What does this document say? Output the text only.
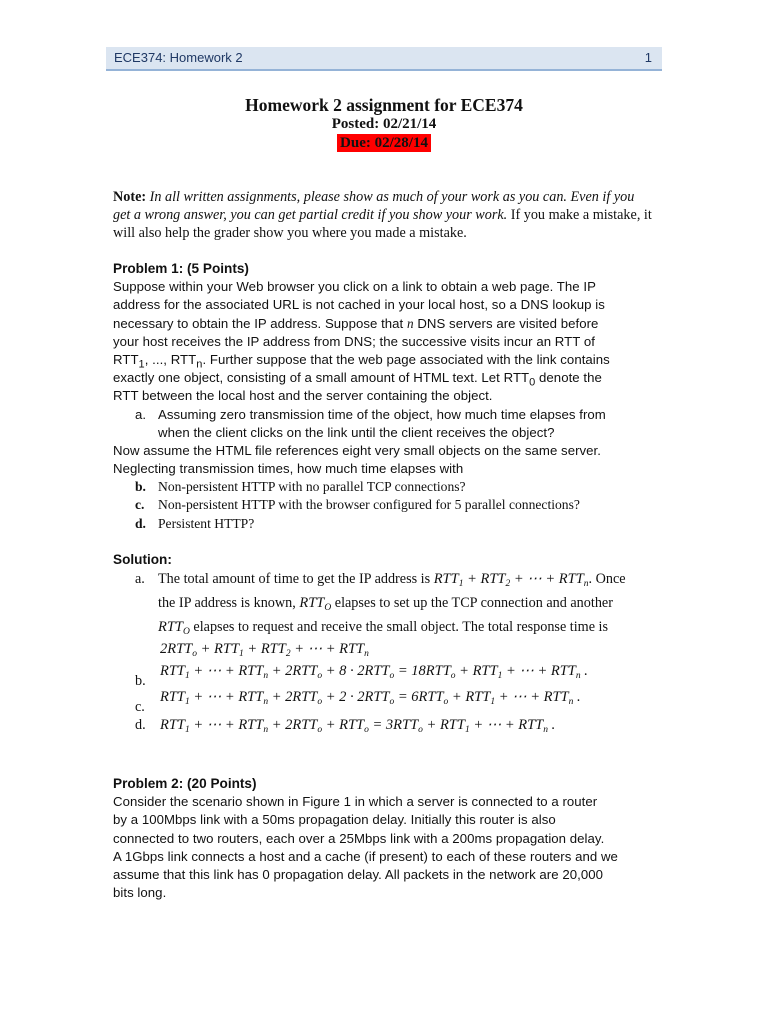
ECE374: Homework 2	1
Homework 2 assignment for ECE374
Posted: 02/21/14
Due: 02/28/14
Note: In all written assignments, please show as much of your work as you can. Even if you get a wrong answer, you can get partial credit if you show your work. If you make a mistake, it will also help the grader show you where you made a mistake.
Problem 1: (5 Points)
Suppose within your Web browser you click on a link to obtain a web page. The IP
address for the associated URL is not cached in your local host, so a DNS lookup is
necessary to obtain the IP address. Suppose that n DNS servers are visited before
your host receives the IP address from DNS; the successive visits incur an RTT of
$RTT_1$, ..., $RTT_n$. Further suppose that the web page associated with the link contains
exactly one object, consisting of a small amount of HTML text. Let $RTT_0$ denote the
RTT between the local host and the server containing the object.
a. Assuming zero transmission time of the object, how much time elapses from
when the client clicks on the link until the client receives the object?
Now assume the HTML file references eight very small objects on the same server.
Neglecting transmission times, how much time elapses with
b. Non-persistent HTTP with no parallel TCP connections?
c. Non-persistent HTTP with the browser configured for 5 parallel connections?
d. Persistent HTTP?
Solution:
a. The total amount of time to get the IP address is $RTT_1 + RTT_2$ + ⋯ + $RTT_n$. Once
the IP address is known, $RTT_O$ elapses to set up the TCP connection and another
$RTT_O$ elapses to request and receive the small object. The total response time is
$2RTT_o + RTT_1 + RTT_2$ + ⋯ + $RTT_n$
b.
$RTT_1$ + ⋯ + $RTT_n + 2RTT_o + 8 \cdot 2RTT_o = 18RTT_o + RTT_1$ + ⋯ + $RTT_n$ .
c.
$RTT_1$ + ⋯ + $RTT_n + 2RTT_o + 2 \cdot 2RTT_o = 6RTT_o + RTT_1$ + ⋯ + $RTT_n$ .
d. $RTT_1$ + ⋯ + $RTT_n + 2RTT_o + RTT_o = 3RTT_o + RTT_1$ + ⋯ + $RTT_n$ .
Problem 2: (20 Points)
Consider the scenario shown in Figure 1 in which a server is connected to a router
by a 100Mbps link with a 50ms propagation delay. Initially this router is also
connected to two routers, each over a 25Mbps link with a 200ms propagation delay.
A 1Gbps link connects a host and a cache (if present) to each of these routers and we
assume that this link has 0 propagation delay. All packets in the network are 20,000
bits long.
